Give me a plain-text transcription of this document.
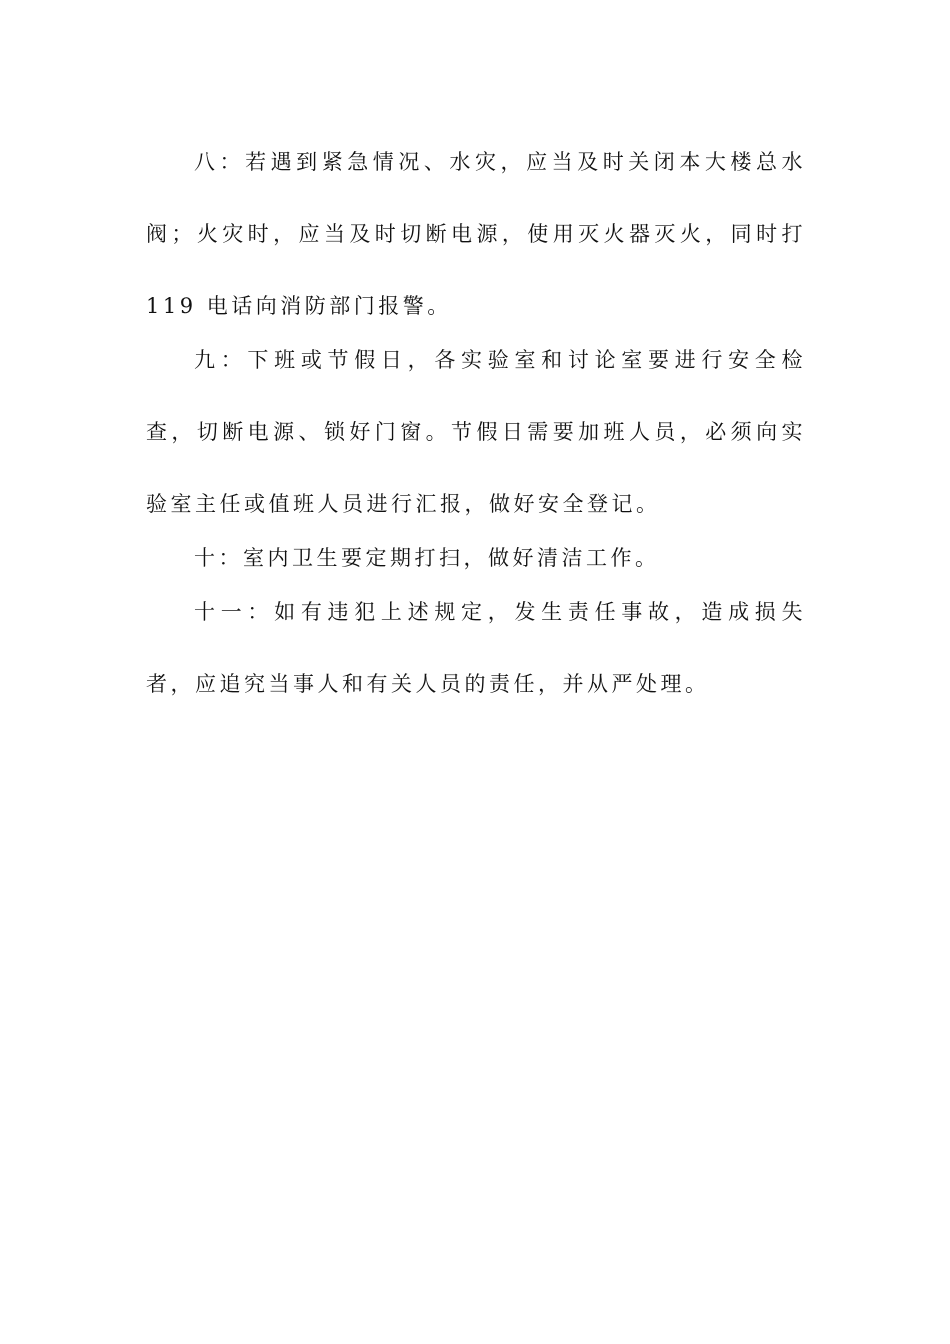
八：若遇到紧急情况、水灾，应当及时关闭本大楼总水阀；火灾时，应当及时切断电源，使用灭火器灭火，同时打 119 电话向消防部门报警。

九：下班或节假日，各实验室和讨论室要进行安全检查，切断电源、锁好门窗。节假日需要加班人员，必须向实验室主任或值班人员进行汇报，做好安全登记。

十：室内卫生要定期打扫，做好清洁工作。

十一：如有违犯上述规定，发生责任事故，造成损失者，应追究当事人和有关人员的责任，并从严处理。
